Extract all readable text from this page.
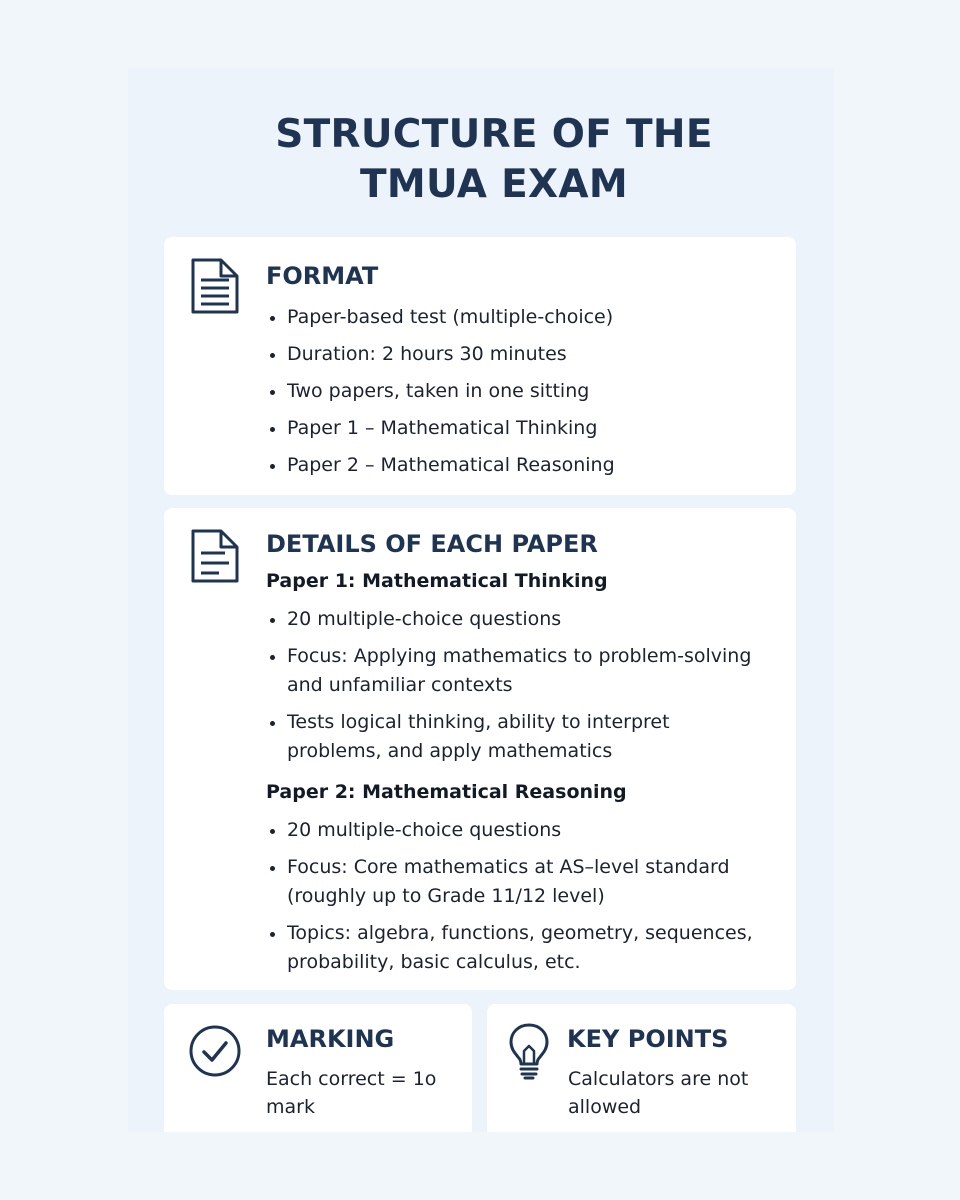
STRUCTURE OF THE
TMUA EXAM
FORMAT
Paper-based test (multiple-choice)
Duration: 2 hours 30 minutes
Two papers, taken in one sitting
Paper 1 – Mathematical Thinking
Paper 2 – Mathematical Reasoning
DETAILS OF EACH PAPER
Paper 1: Mathematical Thinking
20 multiple-choice questions
Focus: Applying mathematics to problem-solving and unfamiliar contexts
Tests logical thinking, ability to interpret problems, and apply mathematics
Paper 2: Mathematical Reasoning
20 multiple-choice questions
Focus: Core mathematics at AS–level standard (roughly up to Grade 11/12 level)
Topics: algebra, functions, geometry, sequences, probability, basic calculus, etc.
MARKING
Each correct = 1o mark
KEY POINTS
Calculators are not allowed
